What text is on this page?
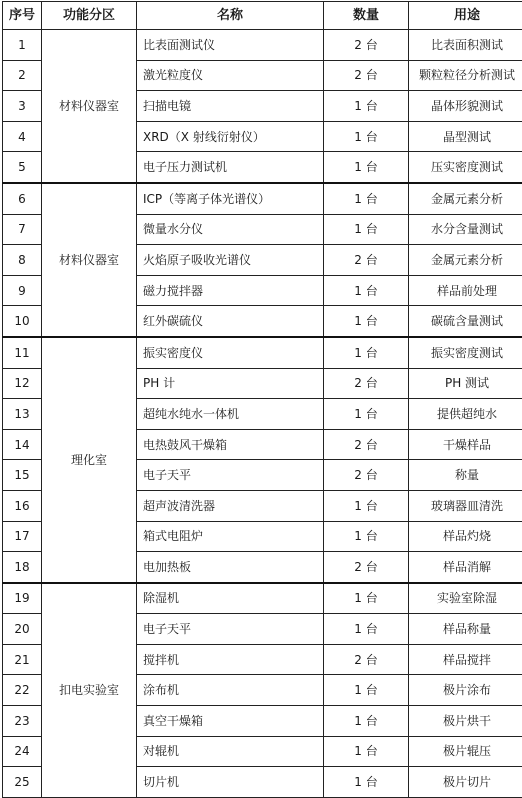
序号	功能分区	名称	数量	用途
1	材料仪器室	比表面测试仪	2 台	比表面积测试
2		激光粒度仪	2 台	颗粒粒径分析测试
3		扫描电镜	1 台	晶体形貌测试
4		XRD（X 射线衍射仪）	1 台	晶型测试
5		电子压力测试机	1 台	压实密度测试
6	材料仪器室	ICP（等离子体光谱仪）	1 台	金属元素分析
7		微量水分仪	1 台	水分含量测试
8		火焰原子吸收光谱仪	2 台	金属元素分析
9		磁力搅拌器	1 台	样品前处理
10		红外碳硫仪	1 台	碳硫含量测试
11	理化室	振实密度仪	1 台	振实密度测试
12		PH 计	2 台	PH 测试
13		超纯水纯水一体机	1 台	提供超纯水
14		电热鼓风干燥箱	2 台	干燥样品
15		电子天平	2 台	称量
16		超声波清洗器	1 台	玻璃器皿清洗
17		箱式电阻炉	1 台	样品灼烧
18		电加热板	2 台	样品消解
19	扣电实验室	除湿机	1 台	实验室除湿
20		电子天平	1 台	样品称量
21		搅拌机	2 台	样品搅拌
22		涂布机	1 台	极片涂布
23		真空干燥箱	1 台	极片烘干
24		对辊机	1 台	极片辊压
25		切片机	1 台	极片切片
